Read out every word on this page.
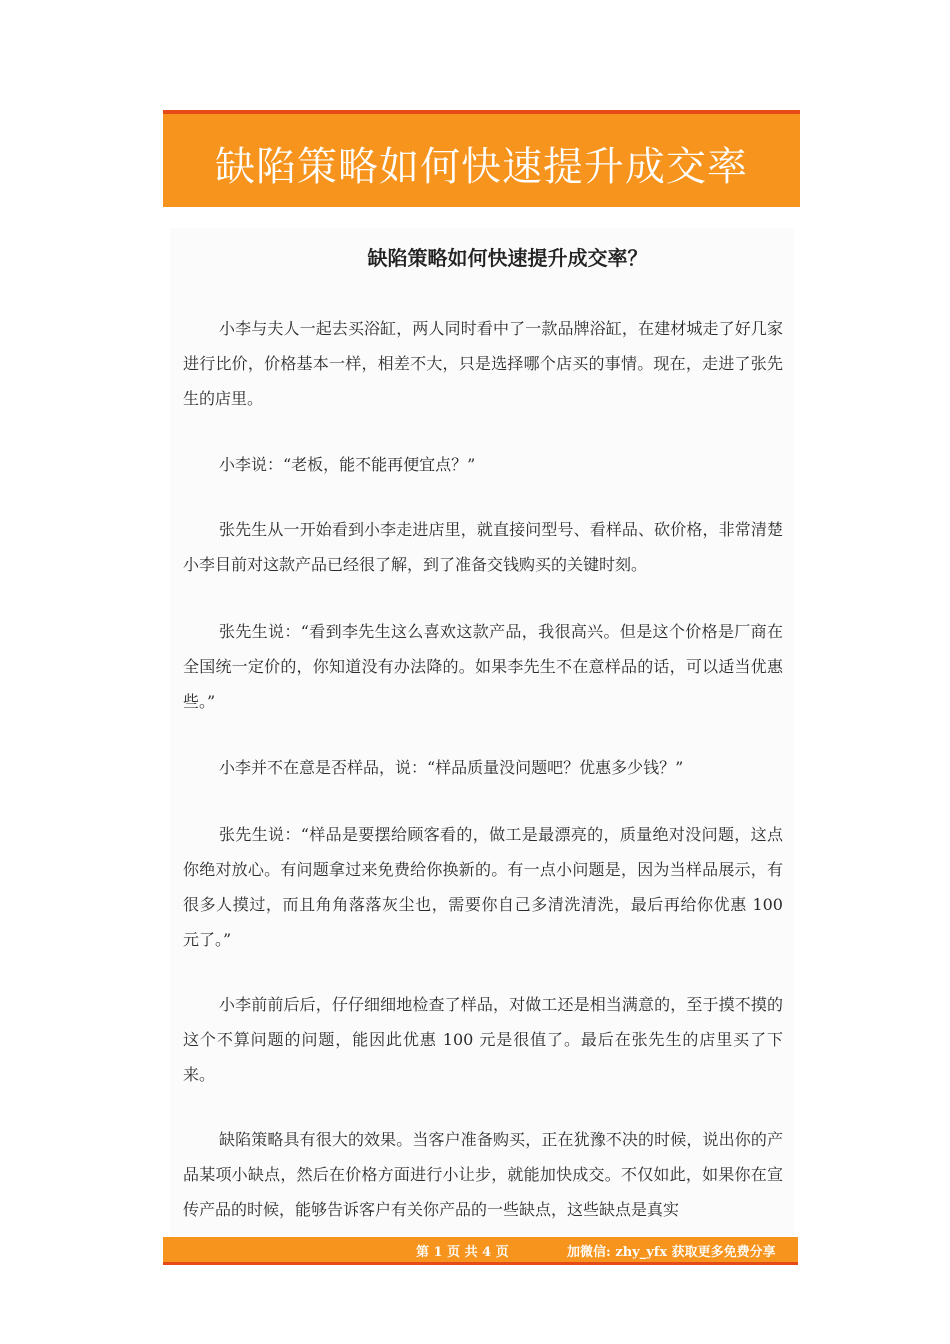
缺陷策略如何快速提升成交率
缺陷策略如何快速提升成交率？

小李与夫人一起去买浴缸，两人同时看中了一款品牌浴缸，在建材城走了好几家进行比价，价格基本一样，相差不大，只是选择哪个店买的事情。现在，走进了张先生的店里。

小李说：“老板，能不能再便宜点？”

张先生从一开始看到小李走进店里，就直接问型号、看样品、砍价格，非常清楚小李目前对这款产品已经很了解，到了准备交钱购买的关键时刻。

张先生说：“看到李先生这么喜欢这款产品，我很高兴。但是这个价格是厂商在全国统一定价的，你知道没有办法降的。如果李先生不在意样品的话，可以适当优惠些。”

小李并不在意是否样品，说：“样品质量没问题吧？优惠多少钱？”

张先生说：“样品是要摆给顾客看的，做工是最漂亮的，质量绝对没问题，这点你绝对放心。有问题拿过来免费给你换新的。有一点小问题是，因为当样品展示，有很多人摸过，而且角角落落灰尘也，需要你自己多清洗清洗，最后再给你优惠 100 元了。”

小李前前后后，仔仔细细地检查了样品，对做工还是相当满意的，至于摸不摸的这个不算问题的问题，能因此优惠 100 元是很值了。最后在张先生的店里买了下来。

缺陷策略具有很大的效果。当客户准备购买，正在犹豫不决的时候，说出你的产品某项小缺点，然后在价格方面进行小让步，就能加快成交。不仅如此，如果你在宣传产品的时候，能够告诉客户有关你产品的一些缺点，这些缺点是真实

第 1 页 共 4 页	加微信: zhy_yfx 获取更多免费分享
